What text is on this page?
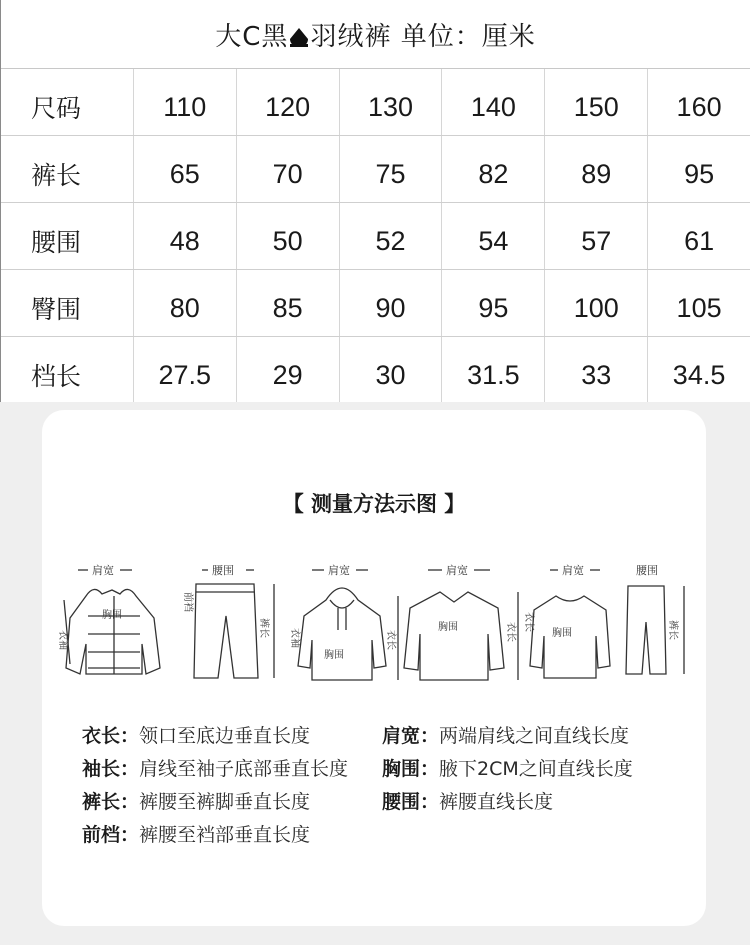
大C黑 羽绒裤 单位：厘米
尺码	110	120	130	140	150	160
裤长	65	70	75	82	89	95
腰围	48	50	52	54	57	61
臀围	80	85	90	95	100	105
档长	27.5	29	30	31.5	33	34.5
【 测量方法示图 】
肩宽
胸围
衣袖
腰围
前裆
裤长
肩宽
胸围
衣袖	衣长
肩宽
胸围	衣长
肩宽
胸围
衣长
腰围
裤长
衣长 ： 领口至底边垂直长度	肩宽 ： 两端肩线之间直线长度
袖长 ： 肩线至袖子底部垂直长度 胸围 ： 腋下2CM之间直线长度
裤长 ： 裤腰至裤脚垂直长度	腰围 ： 裤腰直线长度
前档 ： 裤腰至裆部垂直长度
